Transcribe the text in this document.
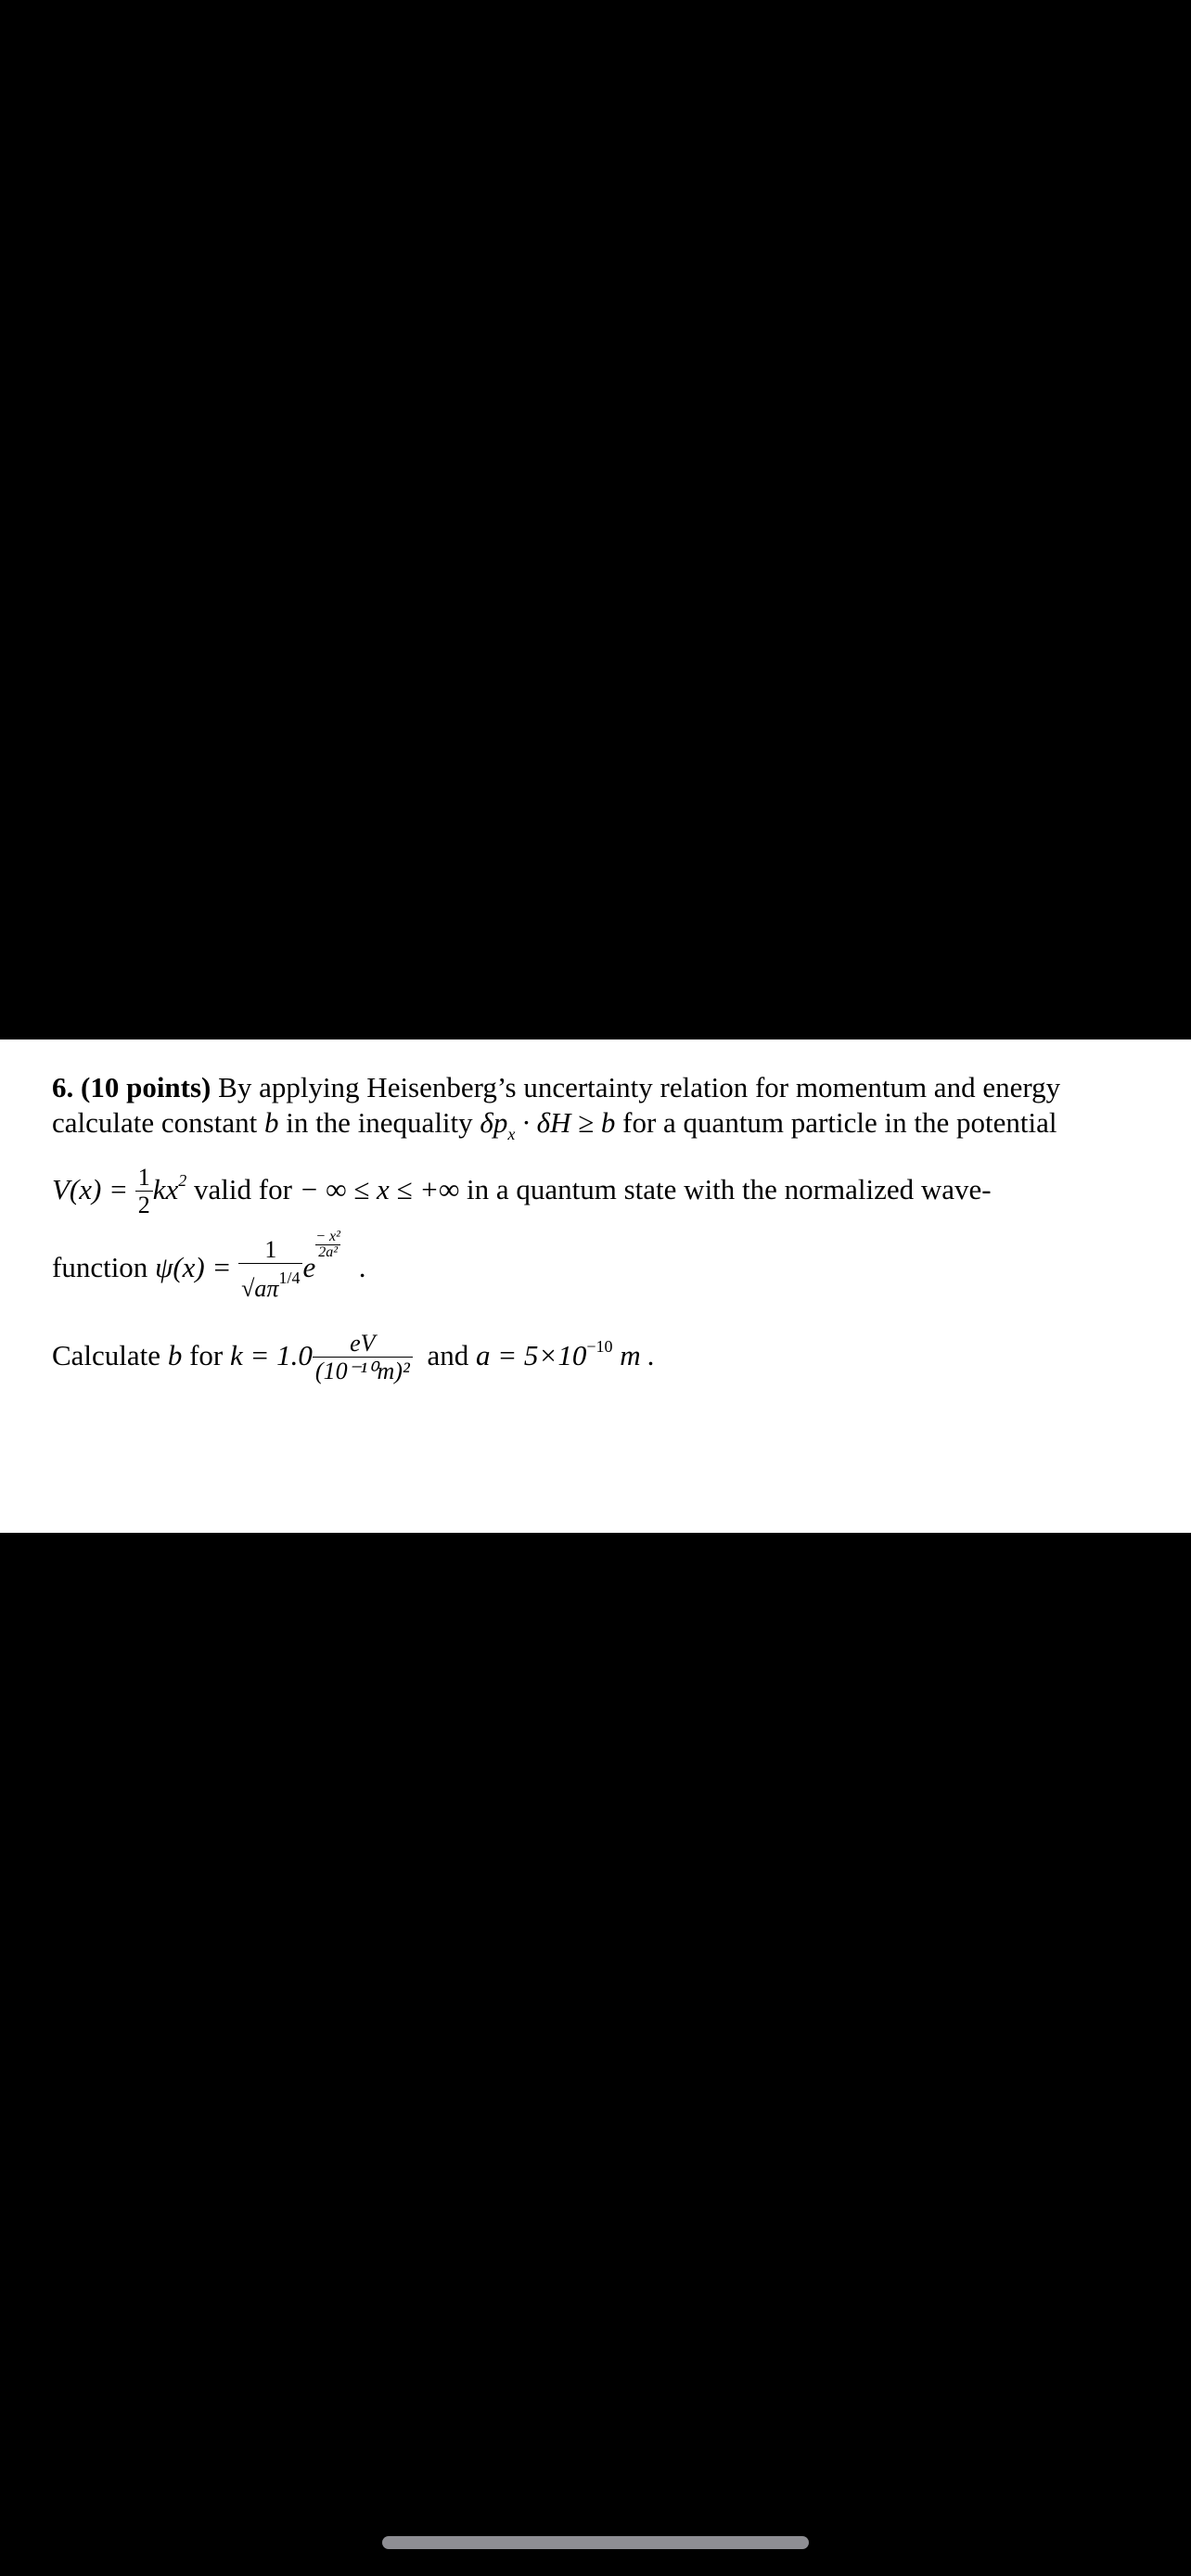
6. (10 points) By applying Heisenberg’s uncertainty relation for momentum and energy
calculate constant b in the inequality $\delta p_x \cdot \delta H \ge b$ for a quantum particle in the potential
$V(x) = \frac{1}{2} kx^2$ valid for − ∞ ≤ x ≤ +∞ in a quantum state with the normalized wave-
function $\psi(x) = \frac{1}{√a\pi^{1/4}}$ e
$\frac{\text{− x²}}{\text{2a²}}$
.
Calculate b for $k = 1.0 \frac{eV}{\text{(10⁻¹⁰m)²}}$ and $a = 5\times 10^{-10}$ m .
